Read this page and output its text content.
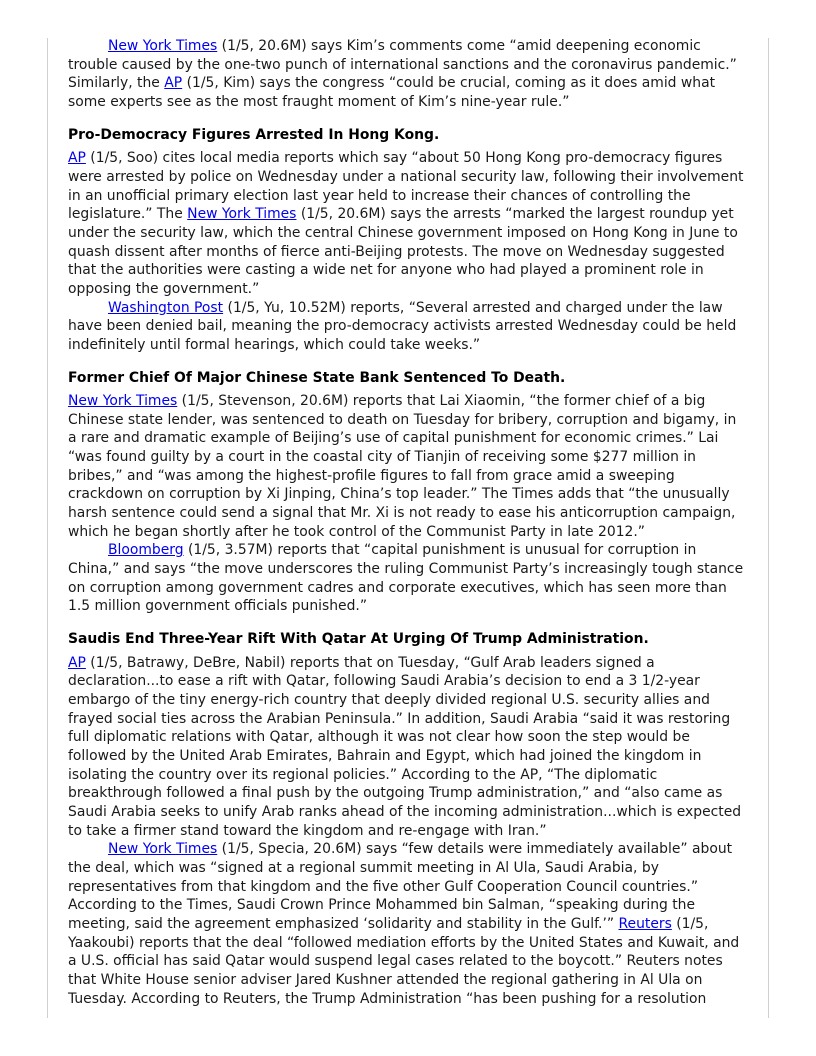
New York Times (1/5, 20.6M) says Kim’s comments come “amid deepening economic trouble caused by the one-two punch of international sanctions and the coronavirus pandemic.” Similarly, the AP (1/5, Kim) says the congress “could be crucial, coming as it does amid what some experts see as the most fraught moment of Kim’s nine-year rule.”

Pro-Democracy Figures Arrested In Hong Kong.

AP (1/5, Soo) cites local media reports which say “about 50 Hong Kong pro-democracy figures were arrested by police on Wednesday under a national security law, following their involvement in an unofficial primary election last year held to increase their chances of controlling the legislature.” The New York Times (1/5, 20.6M) says the arrests “marked the largest roundup yet under the security law, which the central Chinese government imposed on Hong Kong in June to quash dissent after months of fierce anti-Beijing protests. The move on Wednesday suggested that the authorities were casting a wide net for anyone who had played a prominent role in opposing the government.”

Washington Post (1/5, Yu, 10.52M) reports, “Several arrested and charged under the law have been denied bail, meaning the pro-democracy activists arrested Wednesday could be held indefinitely until formal hearings, which could take weeks.”

Former Chief Of Major Chinese State Bank Sentenced To Death.

New York Times (1/5, Stevenson, 20.6M) reports that Lai Xiaomin, “the former chief of a big Chinese state lender, was sentenced to death on Tuesday for bribery, corruption and bigamy, in a rare and dramatic example of Beijing’s use of capital punishment for economic crimes.” Lai “was found guilty by a court in the coastal city of Tianjin of receiving some $277 million in bribes,” and “was among the highest-profile figures to fall from grace amid a sweeping crackdown on corruption by Xi Jinping, China’s top leader.” The Times adds that “the unusually harsh sentence could send a signal that Mr. Xi is not ready to ease his anticorruption campaign, which he began shortly after he took control of the Communist Party in late 2012.”

Bloomberg (1/5, 3.57M) reports that “capital punishment is unusual for corruption in China,” and says “the move underscores the ruling Communist Party’s increasingly tough stance on corruption among government cadres and corporate executives, which has seen more than 1.5 million government officials punished.”

Saudis End Three-Year Rift With Qatar At Urging Of Trump Administration.

AP (1/5, Batrawy, DeBre, Nabil) reports that on Tuesday, “Gulf Arab leaders signed a declaration...to ease a rift with Qatar, following Saudi Arabia’s decision to end a 3 1/2-year embargo of the tiny energy-rich country that deeply divided regional U.S. security allies and frayed social ties across the Arabian Peninsula.” In addition, Saudi Arabia “said it was restoring full diplomatic relations with Qatar, although it was not clear how soon the step would be followed by the United Arab Emirates, Bahrain and Egypt, which had joined the kingdom in isolating the country over its regional policies.” According to the AP, “The diplomatic breakthrough followed a final push by the outgoing Trump administration,” and “also came as Saudi Arabia seeks to unify Arab ranks ahead of the incoming administration...which is expected to take a firmer stand toward the kingdom and re-engage with Iran.”

New York Times (1/5, Specia, 20.6M) says “few details were immediately available” about the deal, which was “signed at a regional summit meeting in Al Ula, Saudi Arabia, by representatives from that kingdom and the five other Gulf Cooperation Council countries.” According to the Times, Saudi Crown Prince Mohammed bin Salman, “speaking during the meeting, said the agreement emphasized ‘solidarity and stability in the Gulf.’” Reuters (1/5, Yaakoubi) reports that the deal “followed mediation efforts by the United States and Kuwait, and a U.S. official has said Qatar would suspend legal cases related to the boycott.” Reuters notes that White House senior adviser Jared Kushner attended the regional gathering in Al Ula on Tuesday. According to Reuters, the Trump Administration “has been pushing for a resolution
